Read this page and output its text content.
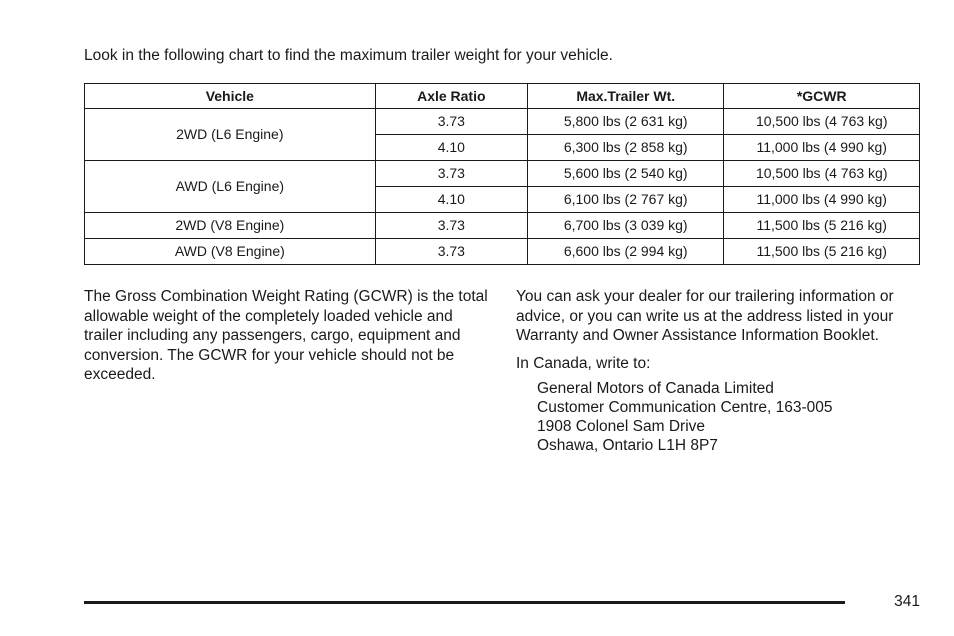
Look in the following chart to find the maximum trailer weight for your vehicle.

Vehicle	Axle Ratio	Max.Trailer Wt.	*GCWR
2WD (L6 Engine)	3.73	5,800 lbs (2 631 kg)	10,500 lbs (4 763 kg)
	4.10	6,300 lbs (2 858 kg)	11,000 lbs (4 990 kg)
AWD (L6 Engine)	3.73	5,600 lbs (2 540 kg)	10,500 lbs (4 763 kg)
	4.10	6,100 lbs (2 767 kg)	11,000 lbs (4 990 kg)
2WD (V8 Engine)	3.73	6,700 lbs (3 039 kg)	11,500 lbs (5 216 kg)
AWD (V8 Engine)	3.73	6,600 lbs (2 994 kg)	11,500 lbs (5 216 kg)

The Gross Combination Weight Rating (GCWR) is the total allowable weight of the completely loaded vehicle and trailer including any passengers, cargo, equipment and conversion. The GCWR for your vehicle should not be exceeded.

You can ask your dealer for our trailering information or advice, or you can write us at the address listed in your Warranty and Owner Assistance Information Booklet.

In Canada, write to:

General Motors of Canada Limited
Customer Communication Centre, 163-005
1908 Colonel Sam Drive
Oshawa, Ontario L1H 8P7
341
